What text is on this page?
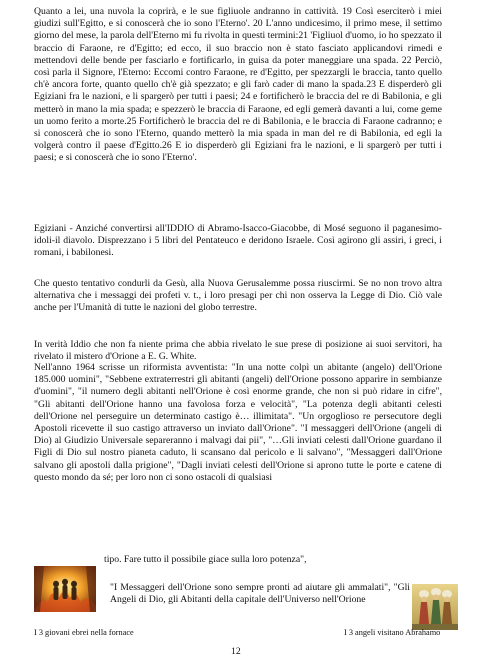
Quanto a lei, una nuvola la coprirà, e le sue figliuole andranno in cattività. 19 Così eserciterò i miei giudizi sull'Egitto, e si conoscerà che io sono l'Eterno'. 20 L'anno undicesimo, il primo mese, il settimo giorno del mese, la parola dell'Eterno mi fu rivolta in questi termini:21 'Figliuol d'uomo, io ho spezzato il braccio di Faraone, re d'Egitto; ed ecco, il suo braccio non è stato fasciato applicandovi rimedi e mettendovi delle bende per fasciarlo e fortificarlo, in guisa da poter maneggiare una spada. 22 Perciò, così parla il Signore, l'Eterno: Eccomi contro Faraone, re d'Egitto, per spezzargli le braccia, tanto quello ch'è ancora forte, quanto quello ch'è già spezzato; e gli farò cader di mano la spada.23 E disperderò gli Egiziani fra le nazioni, e li spargerò per tutti i paesi; 24 e fortificherò le braccia del re di Babilonia, e gli metterò in mano la mia spada; e spezzerò le braccia di Faraone, ed egli gemerà davanti a lui, come geme un uomo ferito a morte.25 Fortificherò le braccia del re di Babilonia, e le braccia di Faraone cadranno; e si conoscerà che io sono l'Eterno, quando metterò la mia spada in man del re di Babilonia, ed egli la volgerà contro il paese d'Egitto.26 E io disperderò gli Egiziani fra le nazioni, e li spargerò per tutti i paesi; e si conoscerà che io sono l'Eterno'.

Egiziani - Anziché convertirsi all'IDDIO di Abramo-Isacco-Giacobbe, di Mosé seguono il paganesimo-idoli-il diavolo. Disprezzano i 5 libri del Pentateuco e deridono Israele. Così agirono gli assiri, i greci, i romani, i babilonesi.

Che questo tentativo condurli da Gesù, alla Nuova Gerusalemme possa riuscirmi. Se no non trovo altra alternativa che i messaggi dei profeti v. t., i loro presagi per chi non osserva la Legge di Dio. Ciò vale anche per l'Umanità di tutte le nazioni del globo terrestre.

In verità Iddio che non fa niente prima che abbia rivelato le sue prese di posizione ai suoi servitori, ha rivelato il mistero d'Orione a E. G. White.

Nell'anno 1964 scrisse un riformista avventista: "In una notte colpì un abitante (angelo) dell'Orione 185.000 uomini", "Sebbene extraterrestri gli abitanti (angeli) dell'Orione possono apparire in sembianze d'uomini", "il numero degli abitanti nell'Orione è così enorme grande, che non si può ridare in cifre", "Gli abitanti dell'Orione hanno una favolosa forza e velocità", "La potenza degli abitanti celesti dell'Orione nel perseguire un determinato castigo è… illimitata". "Un orgoglioso re persecutore degli Apostoli ricevette il suo castigo attraverso un inviato dall'Orione". "I messaggeri dell'Orione (angeli di Dio) al Giudizio Universale separeranno i malvagi dai pii", "…Gli inviati celesti dall'Orione guardano il Figli di Dio sul nostro pianeta caduto, li scansano dal pericolo e li salvano", "Messaggeri dall'Orione salvano gli apostoli dalla prigione", "Dagli inviati celesti dell'Orione si aprono tutte le porte e catene di questo mondo da sé; per loro non ci sono ostacoli di qualsiasi

tipo. Fare tutto il possibile giace sulla loro potenza",

"I Messaggeri dell'Orione sono sempre pronti ad aiutare gli ammalati", "Gli Angeli di Dio, gli Abitanti della capitale dell'Universo nell'Orione

I 3 giovani ebrei nella fornace	I 3 angeli visitano Abrahamo
12
